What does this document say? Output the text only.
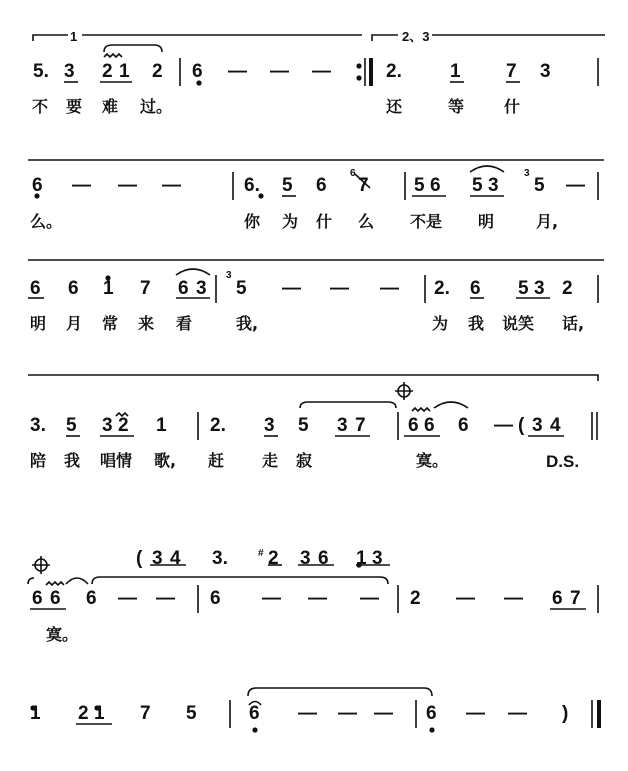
1	2、3
5. 3 2 1 2 6 — — —	2.	1 7 3
不 要 难 过。	还	等 什
6 — — —	6. 5 6
6
7 5 6 5 3
3
5 —
么。	你 为 什 么 不是 明	月,
6 6 1 7 6 3
3
5 — — — 2. 6 5 3 2
明 月 常 来 看	我,	为 我 说笑 话,
3. 5 3 2 1 2. 3 5 3 7 6 6 6 — ( 3 4
陪 我 唱情 歌, 赶 走 寂	寞。	D.S.
( 3 4 3.	# 2 3 6 1 3
6 6 6 — — 6 — — — 2 — — 6 7
寞。
1 2 1 7 5	6 — — — 6 — — )
